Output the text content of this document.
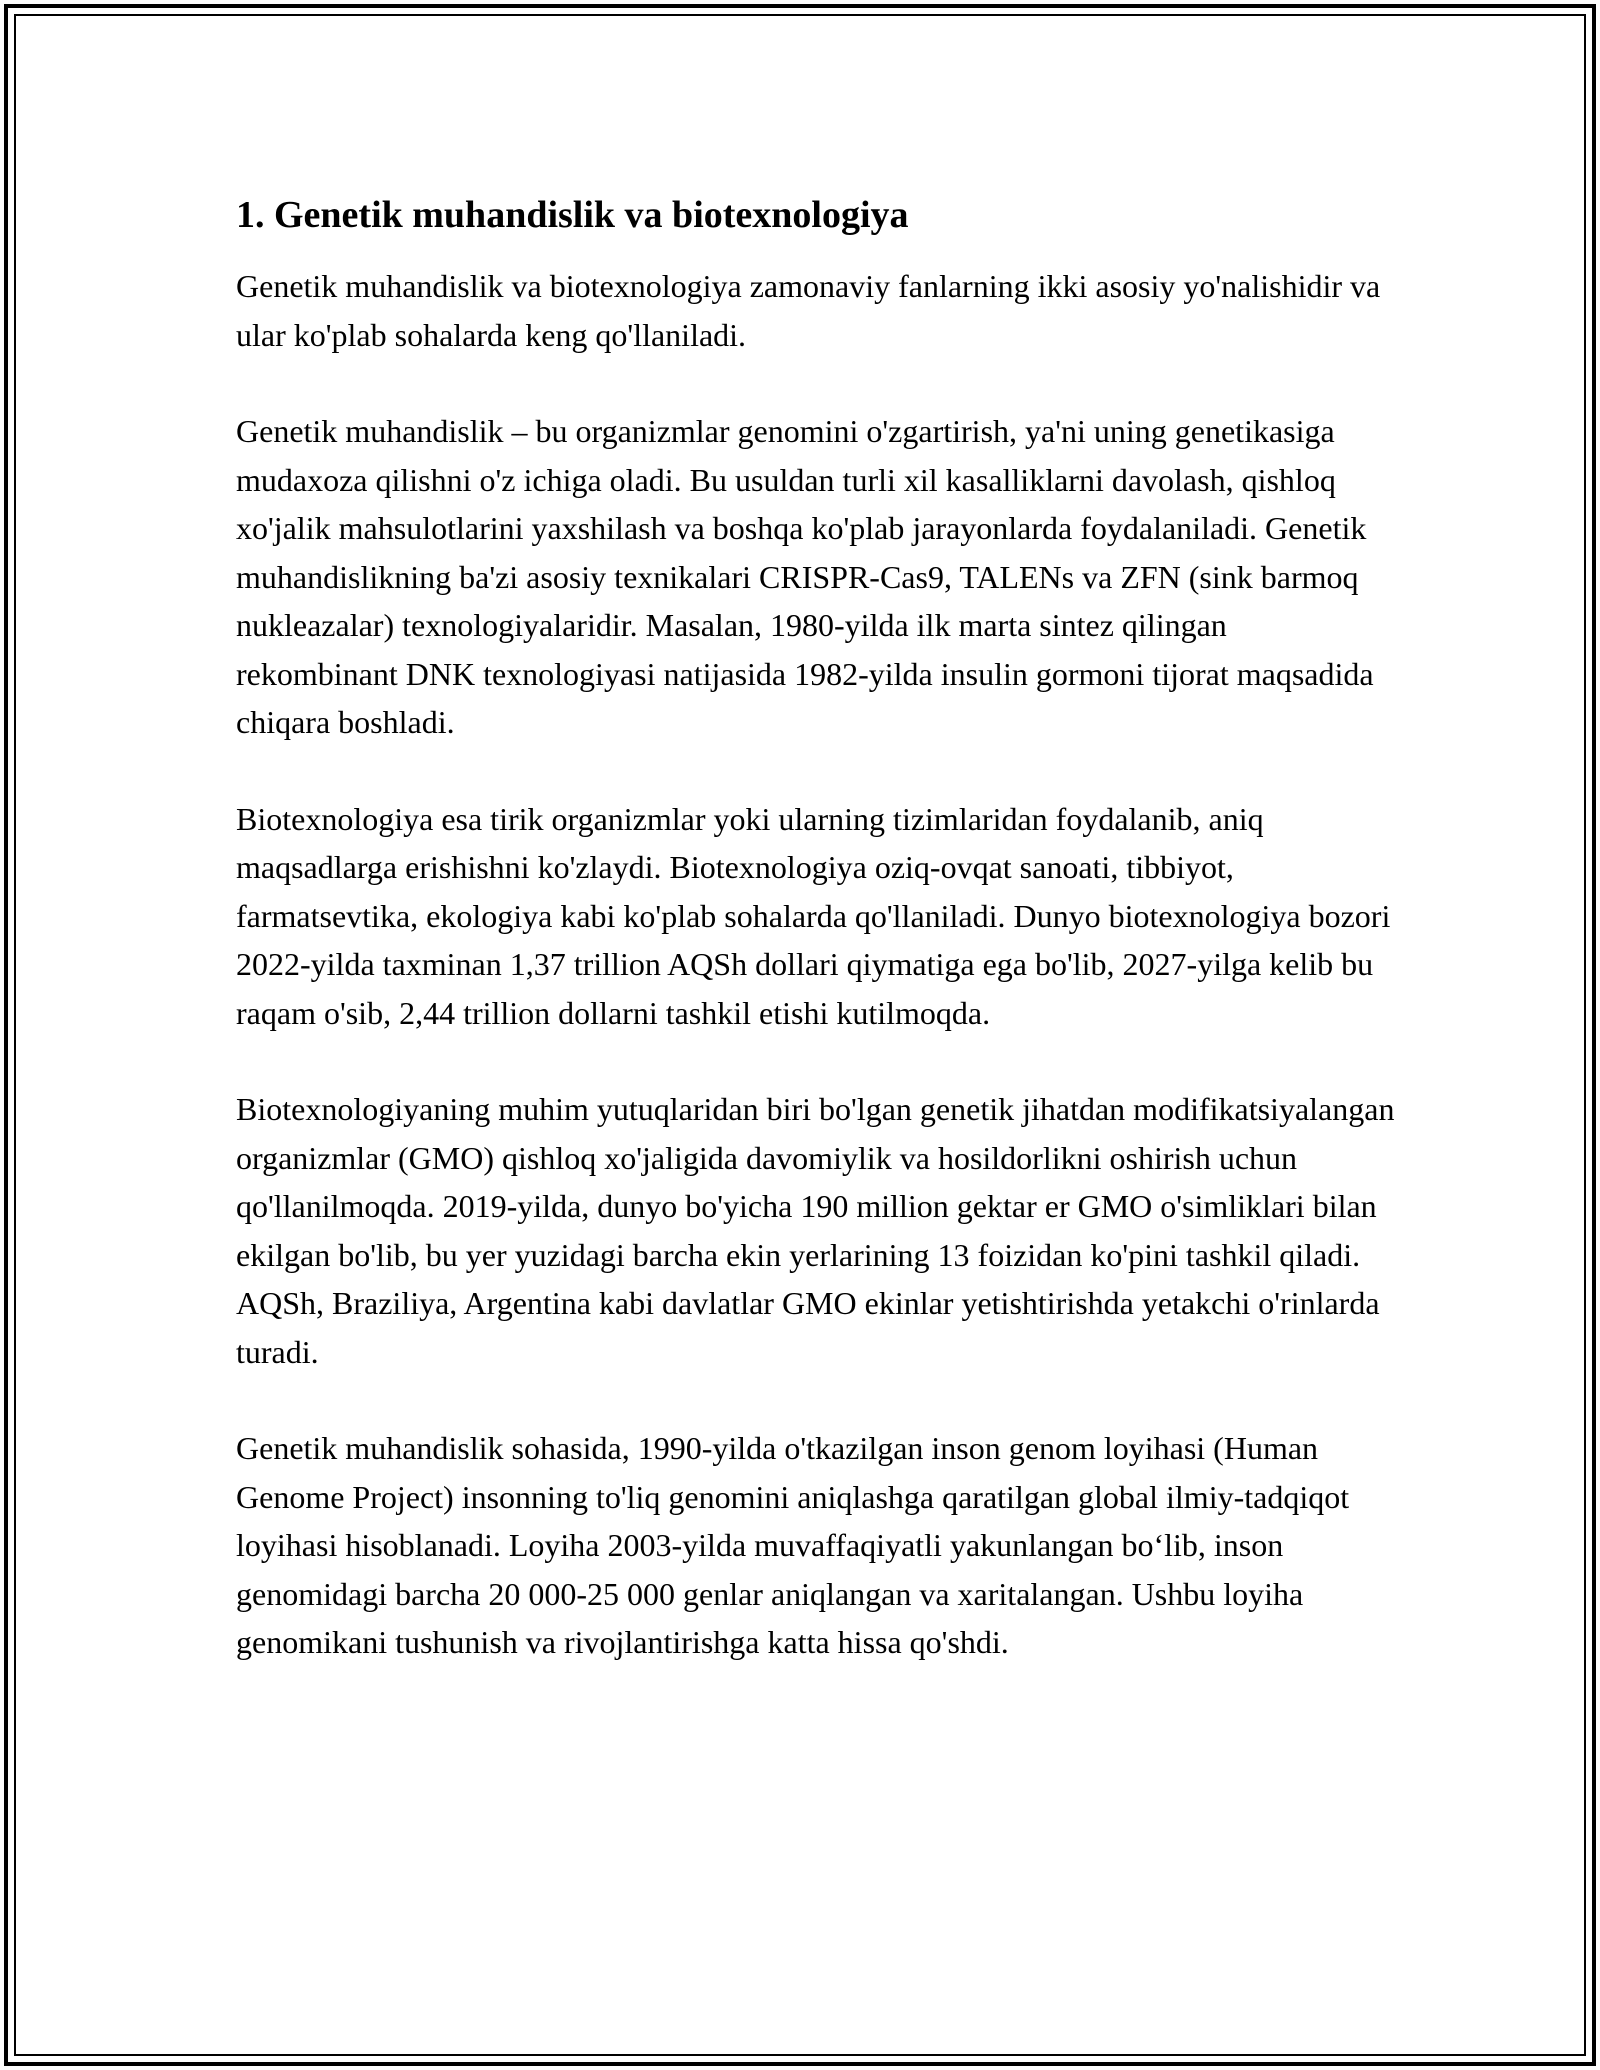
1. Genetik muhandislik va biotexnologiya

Genetik muhandislik va biotexnologiya zamonaviy fanlarning ikki asosiy yo'nalishidir va ular ko'plab sohalarda keng qo'llaniladi.

Genetik muhandislik – bu organizmlar genomini o'zgartirish, ya'ni uning genetikasiga mudaxoza qilishni o'z ichiga oladi. Bu usuldan turli xil kasalliklarni davolash, qishloq xo'jalik mahsulotlarini yaxshilash va boshqa ko'plab jarayonlarda foydalaniladi. Genetik muhandislikning ba'zi asosiy texnikalari CRISPR-Cas9, TALENs va ZFN (sink barmoq nukleazalar) texnologiyalaridir. Masalan, 1980-yilda ilk marta sintez qilingan rekombinant DNK texnologiyasi natijasida 1982-yilda insulin gormoni tijorat maqsadida chiqara boshladi.

Biotexnologiya esa tirik organizmlar yoki ularning tizimlaridan foydalanib, aniq maqsadlarga erishishni ko'zlaydi. Biotexnologiya oziq-ovqat sanoati, tibbiyot, farmatsevtika, ekologiya kabi ko'plab sohalarda qo'llaniladi. Dunyo biotexnologiya bozori 2022-yilda taxminan 1,37 trillion AQSh dollari qiymatiga ega bo'lib, 2027-yilga kelib bu raqam o'sib, 2,44 trillion dollarni tashkil etishi kutilmoqda.

Biotexnologiyaning muhim yutuqlaridan biri bo'lgan genetik jihatdan modifikatsiyalangan organizmlar (GMO) qishloq xo'jaligida davomiylik va hosildorlikni oshirish uchun qo'llanilmoqda. 2019-yilda, dunyo bo'yicha 190 million gektar er GMO o'simliklari bilan ekilgan bo'lib, bu yer yuzidagi barcha ekin yerlarining 13 foizidan ko'pini tashkil qiladi. AQSh, Braziliya, Argentina kabi davlatlar GMO ekinlar yetishtirishda yetakchi o'rinlarda turadi.

Genetik muhandislik sohasida, 1990-yilda o'tkazilgan inson genom loyihasi (Human Genome Project) insonning to'liq genomini aniqlashga qaratilgan global ilmiy-tadqiqot loyihasi hisoblanadi. Loyiha 2003-yilda muvaffaqiyatli yakunlangan bo‘lib, inson genomidagi barcha 20 000-25 000 genlar aniqlangan va xaritalangan. Ushbu loyiha genomikani tushunish va rivojlantirishga katta hissa qo'shdi.
